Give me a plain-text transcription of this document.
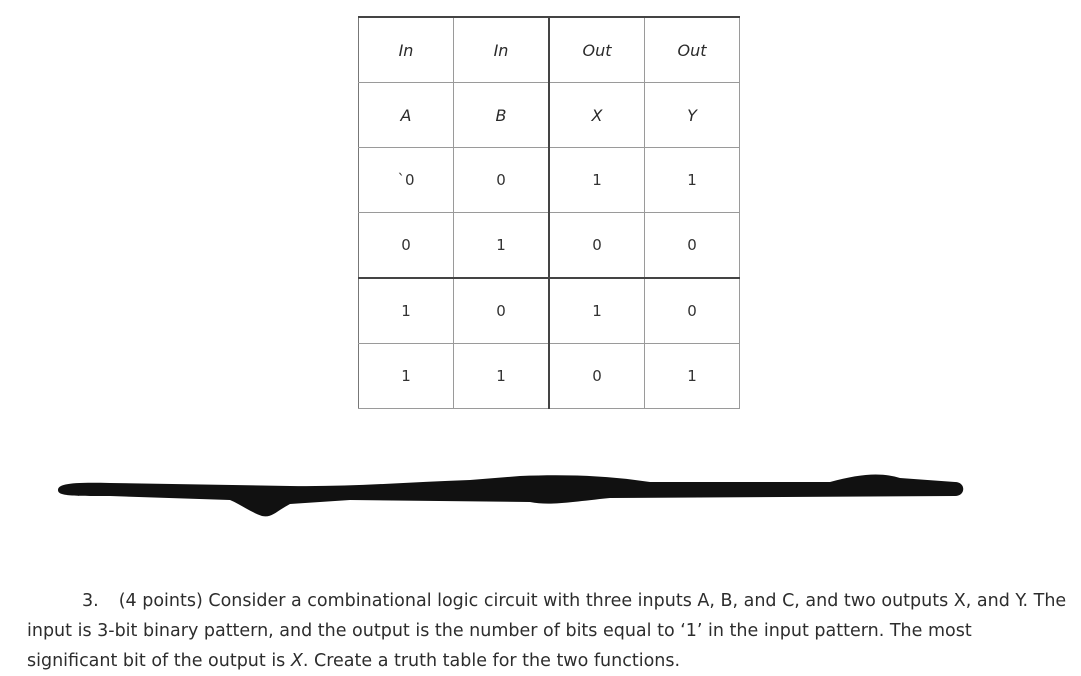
In	In	Out	Out
A	B	X	Y
`0	0	1	1
0	1	0	0
1	0	1	0
1	1	0	1

3. (4 points) Consider a combinational logic circuit with three inputs A, B, and C, and two outputs X, and Y. The input is 3-bit binary pattern, and the output is the number of bits equal to ‘1’ in the input pattern. The most significant bit of the output is X. Create a truth table for the two functions.
